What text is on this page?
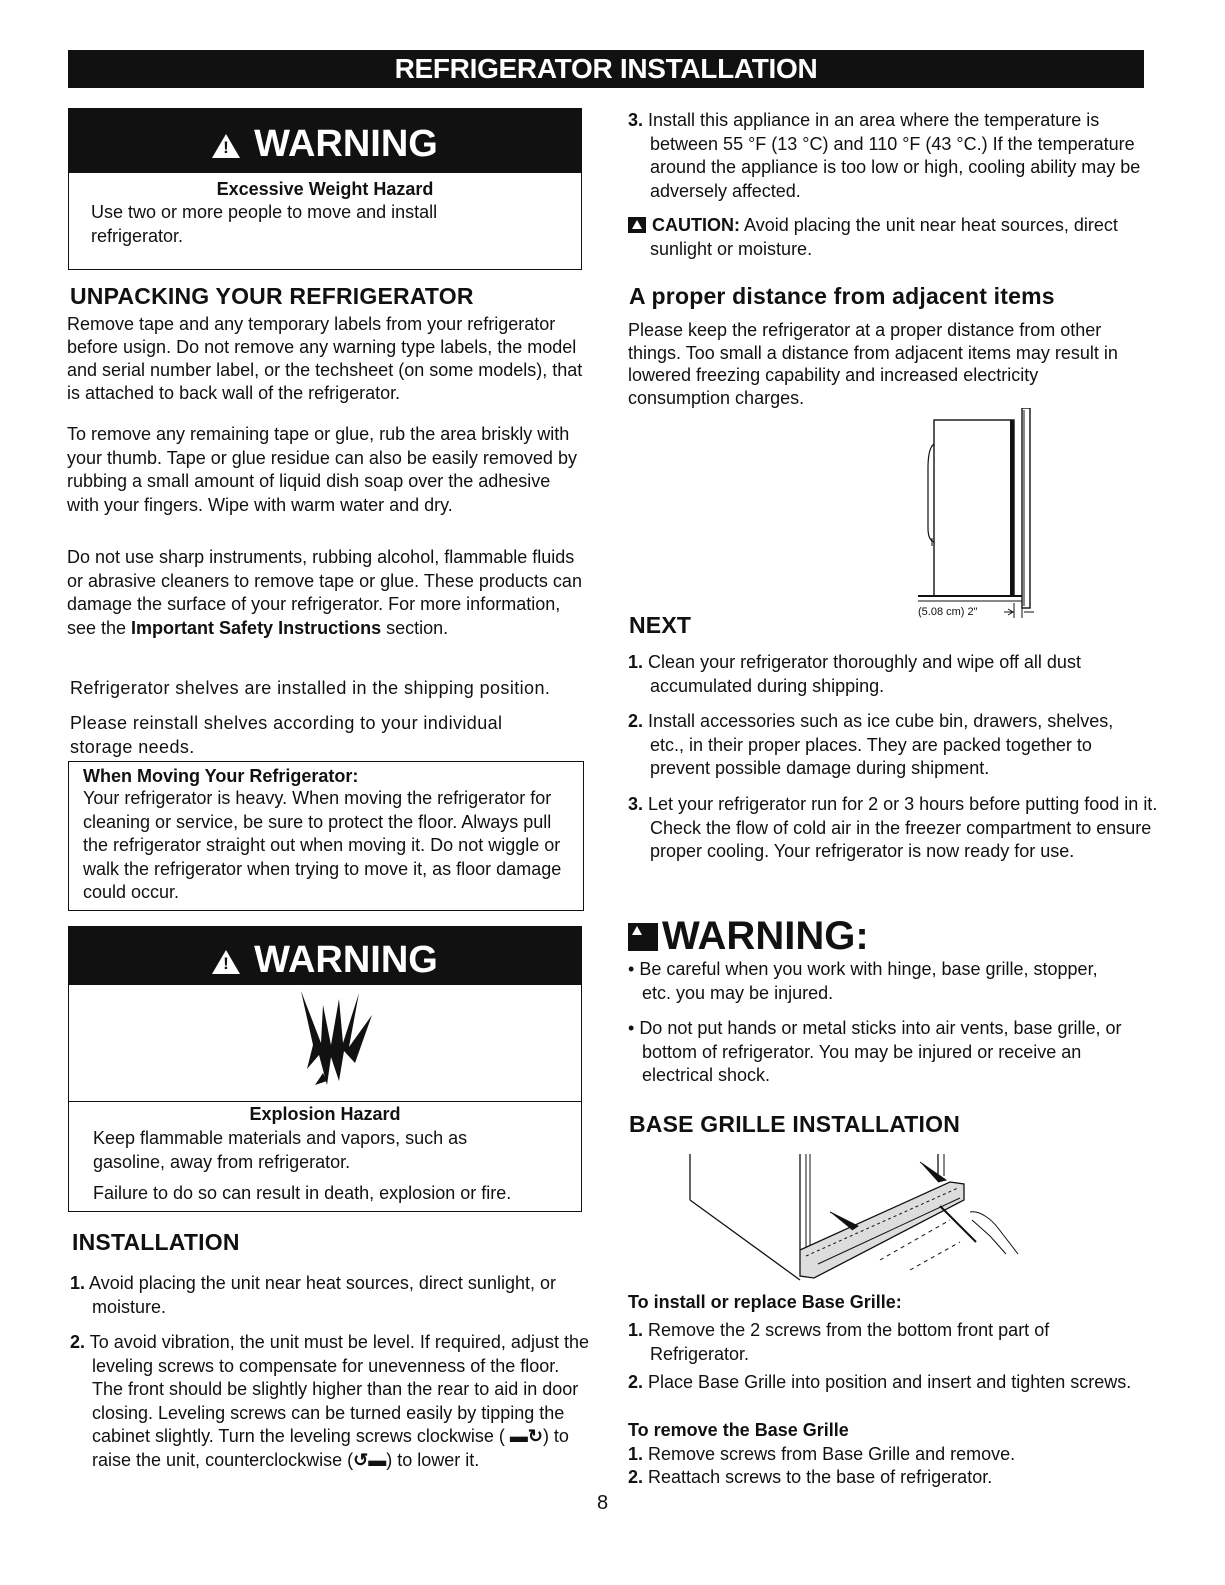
REFRIGERATOR INSTALLATION
!WARNING
Excessive Weight Hazard
Use two or more people to move and install refrigerator.
UNPACKING YOUR REFRIGERATOR
Remove tape and any temporary labels from your refrigerator before usign. Do not remove any warning type labels, the model and serial number label, or the techsheet (on some models), that is attached to back wall of the refrigerator.
To remove any remaining tape or glue, rub the area briskly with your thumb. Tape or glue residue can also be easily removed by rubbing a small amount of liquid dish soap over the adhesive with your fingers. Wipe with warm water and dry.
Do not use sharp instruments, rubbing alcohol, flammable fluids or abrasive cleaners to remove tape or glue. These products can damage the surface of your refrigerator. For more information, see the Important Safety Instructions section.
Refrigerator shelves are installed in the shipping position.
Please reinstall shelves according to your individual storage needs.
When Moving Your Refrigerator:
Your refrigerator is heavy. When moving the refrigerator for cleaning or service, be sure to protect the floor. Always pull the refrigerator straight out when moving it. Do not wiggle or walk the refrigerator when trying to move it, as floor damage could occur.
!WARNING
Explosion Hazard
Keep flammable materials and vapors, such as gasoline, away from refrigerator.
Failure to do so can result in death, explosion or fire.
INSTALLATION
1. Avoid placing the unit near heat sources, direct sunlight, or moisture.
2. To avoid vibration, the unit must be level. If required, adjust the leveling screws to compensate for unevenness of the floor. The front should be slightly higher than the rear to aid in door closing. Leveling screws can be turned easily by tipping the cabinet slightly. Turn the leveling screws clockwise ( ▬↻) to raise the unit, counterclockwise (↺▬) to lower it.
8
3. Install this appliance in an area where the temperature is between 55 °F (13 °C) and 110 °F (43 °C.) If the temperature around the appliance is too low or high, cooling ability may be adversely affected.
CAUTION: Avoid placing the unit near heat sources, direct sunlight or moisture.
A proper distance from adjacent items
Please keep the refrigerator at a proper distance from other things. Too small a distance from adjacent items may result in lowered freezing capability and increased electricity consumption charges.
(5.08 cm) 2"
NEXT
1. Clean your refrigerator thoroughly and wipe off all dust accumulated during shipping.
2. Install accessories such as ice cube bin, drawers, shelves, etc., in their proper places. They are packed together to prevent possible damage during shipment.
3. Let your refrigerator run for 2 or 3 hours before putting food in it. Check the flow of cold air in the freezer compartment to ensure proper cooling. Your refrigerator is now ready for use.
WARNING:
• Be careful when you work with hinge, base grille, stopper, etc. you may be injured.
• Do not put hands or metal sticks into air vents, base grille, or bottom of refrigerator. You may be injured or receive an electrical shock.
BASE GRILLE INSTALLATION
To install or replace Base Grille:
1. Remove the 2 screws from the bottom front part of Refrigerator.
2. Place Base Grille into position and insert and tighten screws.
To remove the Base Grille
1. Remove screws from Base Grille and remove.
2. Reattach screws to the base of refrigerator.
